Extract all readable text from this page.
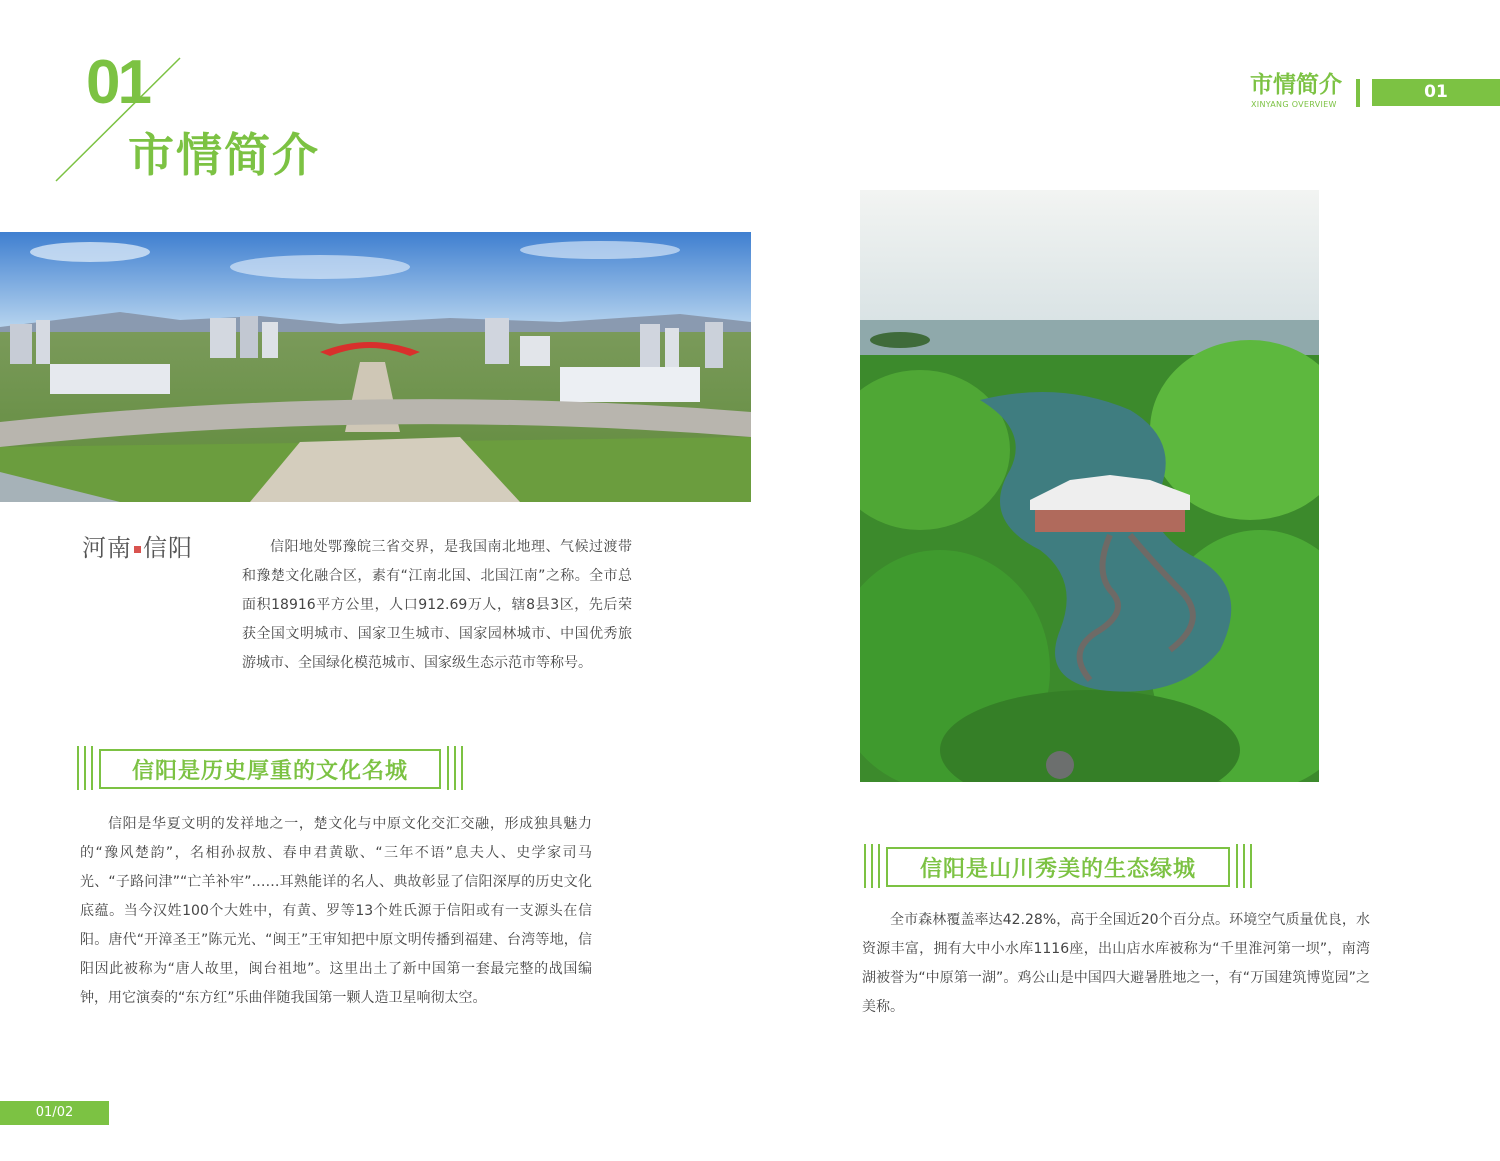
01
市情简介
市情简介
XINYANG OVERVIEW
01
河南 信阳	信阳地处鄂豫皖三省交界，是我国南北地理、气候过渡带和豫楚文化融合区，素有“江南北国、北国江南”之称。全市总面积18916平方公里，人口912.69万人，辖8县3区，先后荣获全国文明城市、国家卫生城市、国家园林城市、中国优秀旅游城市、全国绿化模范城市、国家级生态示范市等称号。
信阳是历史厚重的文化名城
信阳是华夏文明的发祥地之一，楚文化与中原文化交汇交融，形成独具魅力的“豫风楚韵”，名相孙叔敖、春申君黄歇、“三年不语”息夫人、史学家司马光、“子路问津”“亡羊补牢”……耳熟能详的名人、典故彰显了信阳深厚的历史文化底蕴。当今汉姓100个大姓中，有黄、罗等13个姓氏源于信阳或有一支源头在信阳。唐代“开漳圣王”陈元光、“闽王”王审知把中原文明传播到福建、台湾等地，信阳因此被称为“唐人故里，闽台祖地”。这里出土了新中国第一套最完整的战国编钟，用它演奏的“东方红”乐曲伴随我国第一颗人造卫星响彻太空。
信阳是山川秀美的生态绿城
全市森林覆盖率达42.28%，高于全国近20个百分点。环境空气质量优良，水资源丰富，拥有大中小水库1116座，出山店水库被称为“千里淮河第一坝”，南湾湖被誉为“中原第一湖”。鸡公山是中国四大避暑胜地之一，有“万国建筑博览园”之美称。
01/02
